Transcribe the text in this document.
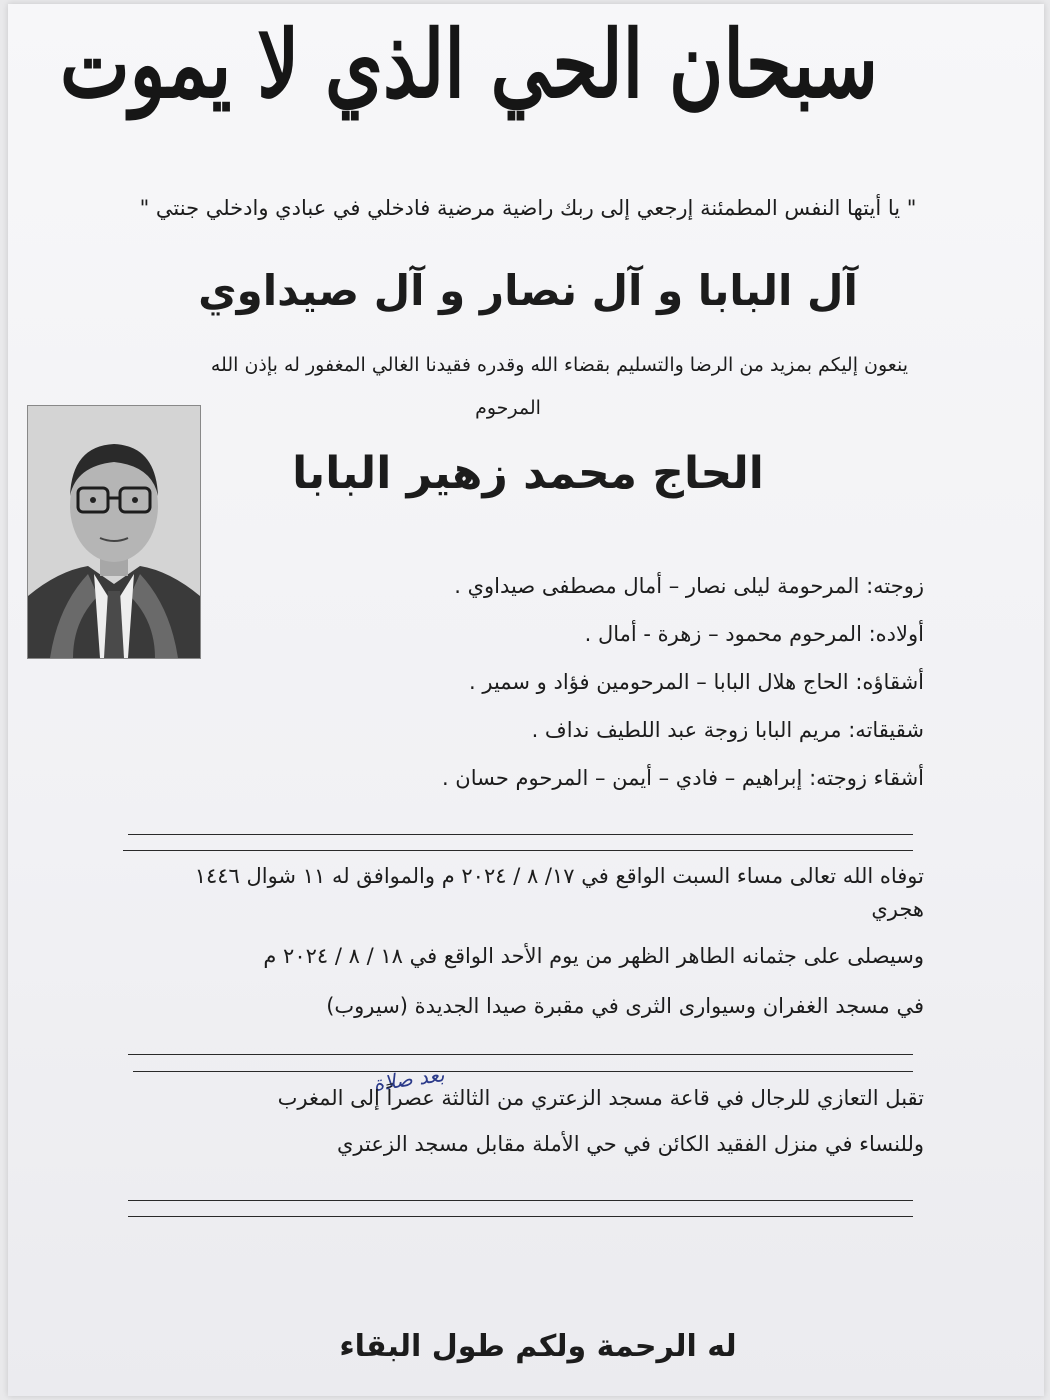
سبحان الحي الذي لا يموت
" يا أيتها النفس المطمئنة إرجعي إلى ربك راضية مرضية فادخلي في عبادي وادخلي جنتي "
آل البابا و آل نصار و آل صيداوي
ينعون إليكم بمزيد من الرضا والتسليم بقضاء الله وقدره فقيدنا الغالي المغفور له بإذن الله
المرحوم
الحاج محمد زهير البابا
زوجته: المرحومة ليلى نصار – أمال مصطفى صيداوي .
أولاده: المرحوم محمود – زهرة - أمال .
أشقاؤه: الحاج هلال البابا – المرحومين فؤاد و سمير .
شقيقاته: مريم البابا زوجة عبد اللطيف نداف .
أشقاء زوجته: إبراهيم – فادي – أيمن – المرحوم حسان .
توفاه الله تعالى مساء السبت الواقع في ١٧/ ٨ / ٢٠٢٤ م والموافق له ١١ شوال ١٤٤٦
هجري
وسيصلى على جثمانه الطاهر الظهر من يوم الأحد الواقع في ١٨ / ٨ / ٢٠٢٤ م
في مسجد الغفران وسيوارى الثرى في مقبرة صيدا الجديدة (سيروب)
بعد صلاة
تقبل التعازي للرجال في قاعة مسجد الزعتري من الثالثة عصراً إلى المغرب
وللنساء في منزل الفقيد الكائن في حي الأملة مقابل مسجد الزعتري
له الرحمة ولكم طول البقاء
